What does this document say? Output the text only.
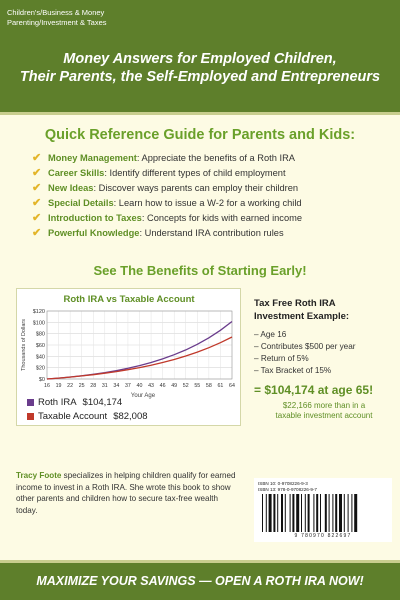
Children's/Business & Money
Parenting/Investment & Taxes
Money Answers for Employed Children,
Their Parents, the Self-Employed and Entrepreneurs
Quick Reference Guide for Parents and Kids:
✔ Money Management : Appreciate the benefits of a Roth IRA
✔ Career Skills : Identify different types of child employment
✔ New Ideas : Discover ways parents can employ their children
✔ Special Details : Learn how to issue a W-2 for a working child
✔ Introduction to Taxes : Concepts for kids with earned income
✔ Powerful Knowledge : Understand IRA contribution rules
See The Benefits of Starting Early!
Roth IRA vs Taxable Account
$0
$20
$40
$60
$80
$100
$120
16 19 22 25 28 31 34 37 40 43 46 49 52 55 58 61 64
Thousands of Dollars
Your Age
Roth IRA $104,174
Taxable Account $82,008
Tax Free Roth IRA
Investment Example:
– Age 16
– Contributes $500 per year
– Return of 5%
– Tax Bracket of 15%
= $104,174 at age 65!
$22,166 more than in a
taxable investment account
Tracy Foote specializes in helping children qualify for earned income to invest in a Roth IRA. She wrote this book to show other parents and children how to secure tax-free wealth today.
ISBN 10: 0-9708226-9-3
ISBN 13: 978-0-9708226-9-7
9 780970 822697
MAXIMIZE YOUR SAVINGS — OPEN A ROTH IRA NOW!
